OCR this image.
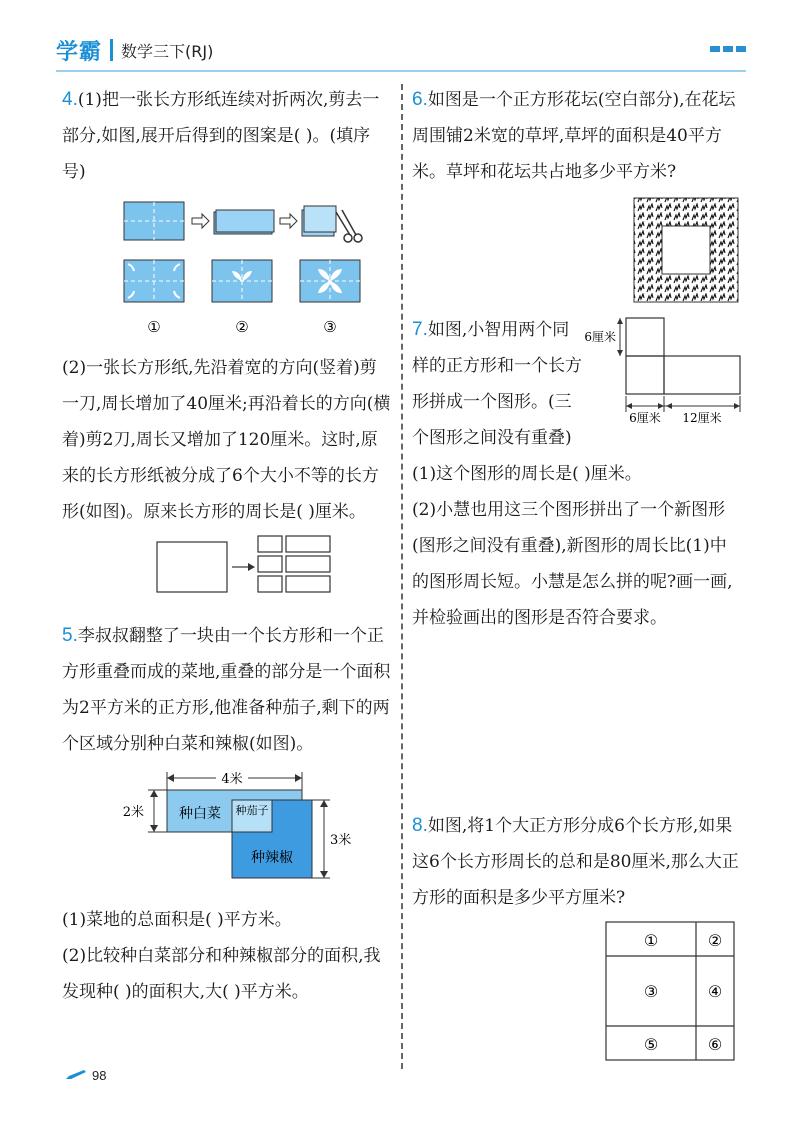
学霸 数学三下(RJ)

4.(1)把一张长方形纸连续对折两次,剪去一部分,如图,展开后得到的图案是( )。(填序号)

①	②	③

(2)一张长方形纸,先沿着宽的方向(竖着)剪一刀,周长增加了40厘米;再沿着长的方向(横着)剪2刀,周长又增加了120厘米。这时,原来的长方形纸被分成了6个大小不等的长方形(如图)。原来长方形的周长是( )厘米。

5.李叔叔翻整了一块由一个长方形和一个正方形重叠而成的菜地,重叠的部分是一个面积为2平方米的正方形,他准备种茄子,剩下的两个区域分别种白菜和辣椒(如图)。

4米
种白菜 种茄子
种辣椒
2米
3米

(1)菜地的总面积是( )平方米。

(2)比较种白菜部分和种辣椒部分的面积,我发现种( )的面积大,大( )平方米。

6.如图是一个正方形花坛(空白部分),在花坛周围铺2米宽的草坪,草坪的面积是40平方米。草坪和花坛共占地多少平方米?

7.如图,小智用两个同样的正方形和一个长方形拼成一个图形。(三个图形之间没有重叠)

6厘米
6厘米 12厘米

(1)这个图形的周长是( )厘米。

(2)小慧也用这三个图形拼出了一个新图形(图形之间没有重叠),新图形的周长比(1)中的图形周长短。小慧是怎么拼的呢?画一画,并检验画出的图形是否符合要求。

8.如图,将1个大正方形分成6个长方形,如果这6个长方形周长的总和是80厘米,那么大正方形的面积是多少平方厘米?

①	②
③	④
⑤	⑥
98
